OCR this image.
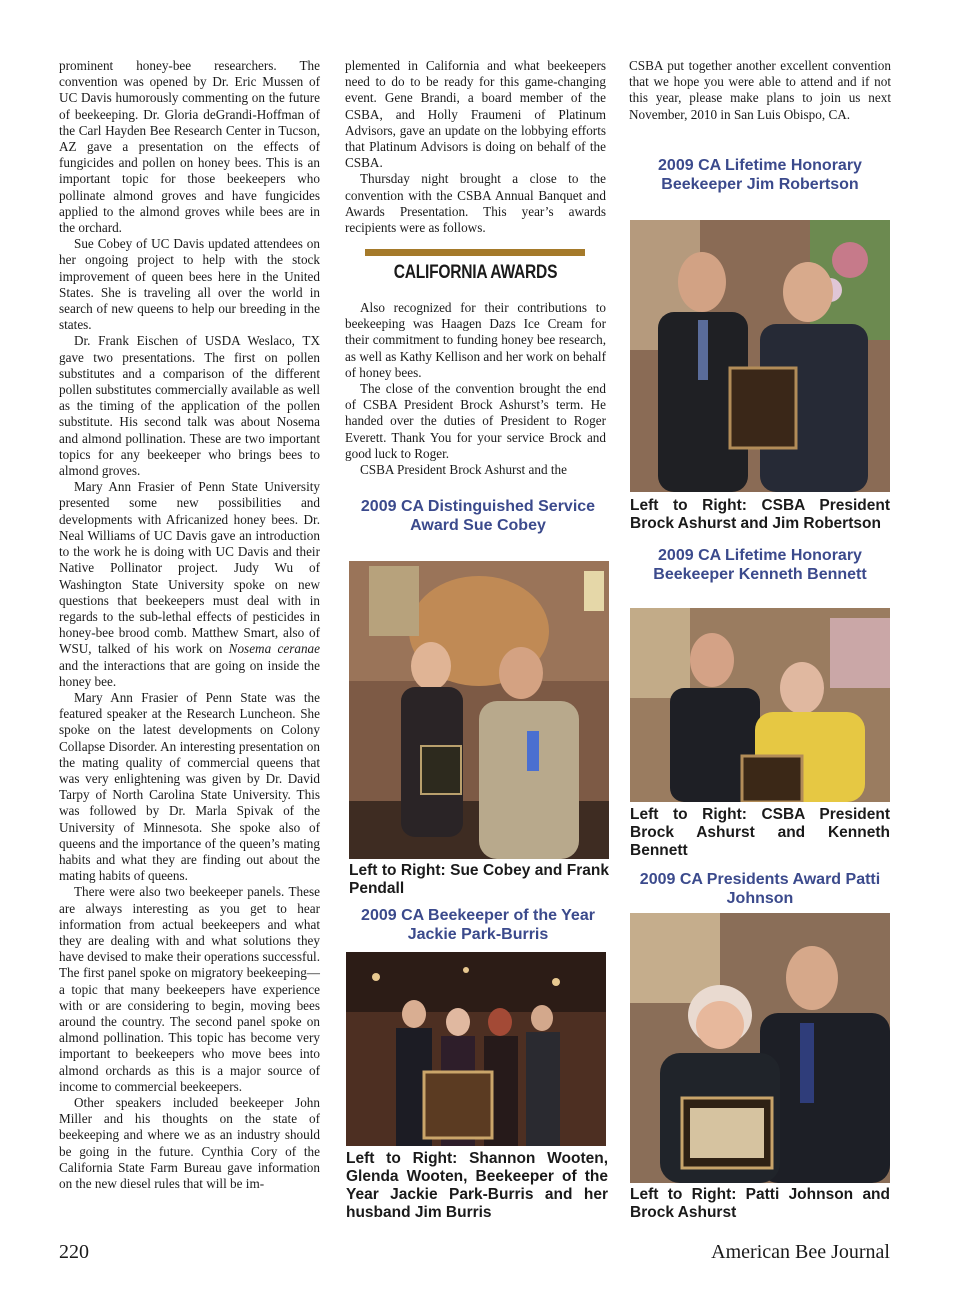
prominent honey-bee researchers. The convention was opened by Dr. Eric Mussen of UC Davis humorously commenting on the future of beekeeping. Dr. Gloria deGrandi-Hoffman of the Carl Hayden Bee Research Center in Tucson, AZ gave a presentation on the effects of fungicides and pollen on honey bees. This is an important topic for those beekeepers who pollinate almond groves and have fungicides applied to the almond groves while bees are in the orchard.

Sue Cobey of UC Davis updated attendees on her ongoing project to help with the stock improvement of queen bees here in the United States. She is traveling all over the world in search of new queens to help our breeding in the states.

Dr. Frank Eischen of USDA Weslaco, TX gave two presentations. The first on pollen substitutes and a comparison of the different pollen substitutes commercially available as well as the timing of the application of the pollen substitute. His second talk was about Nosema and almond pollination. These are two important topics for any beekeeper who brings bees to almond groves.

Mary Ann Frasier of Penn State University presented some new possibilities and developments with Africanized honey bees. Dr. Neal Williams of UC Davis gave an introduction to the work he is doing with UC Davis and their Native Pollinator project. Judy Wu of Washington State University spoke on new questions that beekeepers must deal with in regards to the sub-lethal effects of pesticides in honey-bee brood comb. Matthew Smart, also of WSU, talked of his work on Nosema ceranae and the interactions that are going on inside the honey bee.

Mary Ann Frasier of Penn State was the featured speaker at the Research Luncheon. She spoke on the latest developments on Colony Collapse Disorder. An interesting presentation on the mating quality of commercial queens that was very enlightening was given by Dr. David Tarpy of North Carolina State University. This was followed by Dr. Marla Spivak of the University of Minnesota. She spoke also of queens and the importance of the queen’s mating habits and what they are finding out about the mating habits of queens.

There were also two beekeeper panels. These are always interesting as you get to hear information from actual beekeepers and what they are dealing with and what solutions they have devised to make their operations successful. The first panel spoke on migratory beekeeping—a topic that many beekeepers have experience with or are considering to begin, moving bees around the country. The second panel spoke on almond pollination. This topic has become very important to beekeepers who move bees into almond orchards as this is a major source of income to commercial beekeepers.

Other speakers included beekeeper John Miller and his thoughts on the state of beekeeping and where we as an industry should be going in the future. Cynthia Cory of the California State Farm Bureau gave information on the new diesel rules that will be im-

plemented in California and what beekeepers need to do to be ready for this game-changing event. Gene Brandi, a board member of the CSBA, and Holly Fraumeni of Platinum Advisors, gave an update on the lobbying efforts that Platinum Advisors is doing on behalf of the CSBA.

Thursday night brought a close to the convention with the CSBA Annual Banquet and Awards Presentation. This year’s awards recipients were as follows.

CALIFORNIA AWARDS

Also recognized for their contributions to beekeeping was Haagen Dazs Ice Cream for their commitment to funding honey bee research, as well as Kathy Kellison and her work on behalf of honey bees.

The close of the convention brought the end of CSBA President Brock Ashurst’s term. He handed over the duties of President to Roger Everett. Thank You for your service Brock and good luck to Roger.

CSBA President Brock Ashurst and the

2009 CA Distinguished Service Award Sue Cobey

Left to Right: Sue Cobey and Frank Pendall

2009 CA Beekeeper of the Year Jackie Park-Burris

Left to Right: Shannon Wooten, Glenda Wooten, Beekeeper of the Year Jackie Park-Burris and her husband Jim Burris

CSBA put together another excellent convention that we hope you were able to attend and if not this year, please make plans to join us next November, 2010 in San Luis Obispo, CA.

2009 CA Lifetime Honorary Beekeeper Jim Robertson

Left to Right: CSBA President Brock Ashurst and Jim Robertson

2009 CA Lifetime Honorary Beekeeper Kenneth Bennett

Left to Right: CSBA President Brock Ashurst and Kenneth Bennett

2009 CA Presidents Award Patti Johnson

Left to Right: Patti Johnson and Brock Ashurst

220	American Bee Journal
